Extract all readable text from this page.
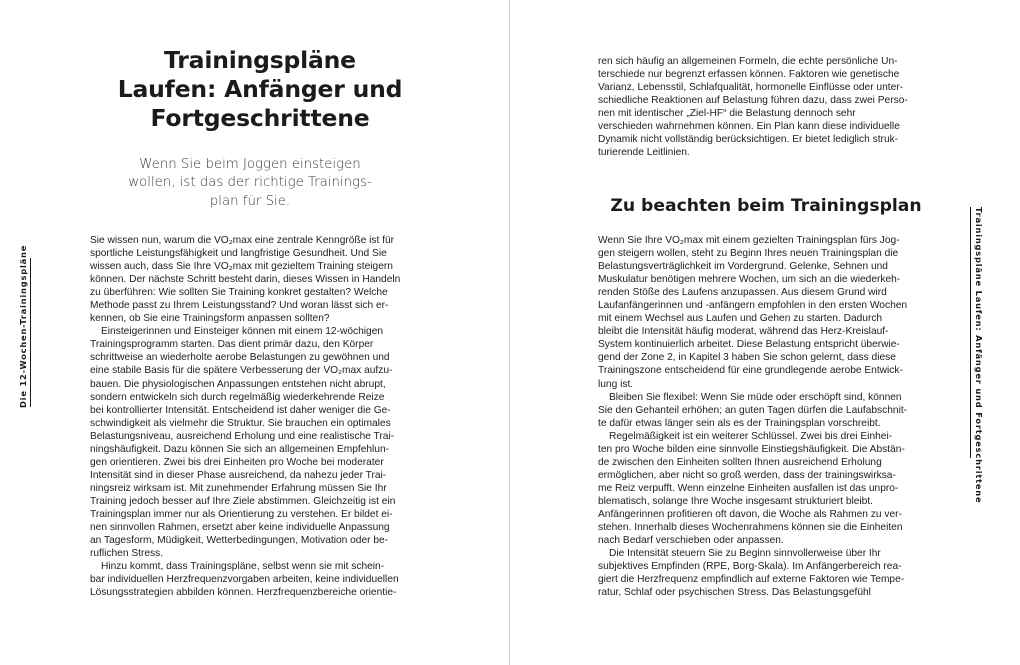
Die 12-Wochen-Trainingspläne
Trainingspläne
Laufen: Anfänger und
Fortgeschrittene
Wenn Sie beim Joggen einsteigen
wollen, ist das der richtige Trainings-
plan für Sie.
Sie wissen nun, warum die VO₂max eine zentrale Kenngröße ist für
sportliche Leistungsfähigkeit und langfristige Gesundheit. Und Sie
wissen auch, dass Sie Ihre VO₂max mit gezieltem Training steigern
können. Der nächste Schritt besteht darin, dieses Wissen in Handeln
zu überführen: Wie sollten Sie Training konkret gestalten? Welche
Methode passt zu Ihrem Leistungsstand? Und woran lässt sich er-
kennen, ob Sie eine Trainingsform anpassen sollten?
Einsteigerinnen und Einsteiger können mit einem 12-wöchigen
Trainingsprogramm starten. Das dient primär dazu, den Körper
schrittweise an wiederholte aerobe Belastungen zu gewöhnen und
eine stabile Basis für die spätere Verbesserung der VO₂max aufzu-
bauen. Die physiologischen Anpassungen entstehen nicht abrupt,
sondern entwickeln sich durch regelmäßig wiederkehrende Reize
bei kontrollierter Intensität. Entscheidend ist daher weniger die Ge-
schwindigkeit als vielmehr die Struktur. Sie brauchen ein optimales
Belastungsniveau, ausreichend Erholung und eine realistische Trai-
ningshäufigkeit. Dazu können Sie sich an allgemeinen Empfehlun-
gen orientieren. Zwei bis drei Einheiten pro Woche bei moderater
Intensität sind in dieser Phase ausreichend, da nahezu jeder Trai-
ningsreiz wirksam ist. Mit zunehmender Erfahrung müssen Sie Ihr
Training jedoch besser auf Ihre Ziele abstimmen. Gleichzeitig ist ein
Trainingsplan immer nur als Orientierung zu verstehen. Er bildet ei-
nen sinnvollen Rahmen, ersetzt aber keine individuelle Anpassung
an Tagesform, Müdigkeit, Wetterbedingungen, Motivation oder be-
ruflichen Stress.
Hinzu kommt, dass Trainingspläne, selbst wenn sie mit schein-
bar individuellen Herzfrequenzvorgaben arbeiten, keine individuellen
Lösungsstrategien abbilden können. Herzfrequenzbereiche orientie-
ren sich häufig an allgemeinen Formeln, die echte persönliche Un-
terschiede nur begrenzt erfassen können. Faktoren wie genetische
Varianz, Lebensstil, Schlafqualität, hormonelle Einflüsse oder unter-
schiedliche Reaktionen auf Belastung führen dazu, dass zwei Perso-
nen mit identischer „Ziel-HF“ die Belastung dennoch sehr
verschieden wahrnehmen können. Ein Plan kann diese individuelle
Dynamik nicht vollständig berücksichtigen. Er bietet lediglich struk-
turierende Leitlinien.
Zu beachten beim Trainingsplan
Wenn Sie Ihre VO₂max mit einem gezielten Trainingsplan fürs Jog-
gen steigern wollen, steht zu Beginn Ihres neuen Trainingsplan die
Belastungsverträglichkeit im Vordergrund. Gelenke, Sehnen und
Muskulatur benötigen mehrere Wochen, um sich an die wiederkeh-
renden Stöße des Laufens anzupassen. Aus diesem Grund wird
Laufanfängerinnen und -anfängern empfohlen in den ersten Wochen
mit einem Wechsel aus Laufen und Gehen zu starten. Dadurch
bleibt die Intensität häufig moderat, während das Herz-Kreislauf-
System kontinuierlich arbeitet. Diese Belastung entspricht überwie-
gend der Zone 2, in Kapitel 3 haben Sie schon gelernt, dass diese
Trainingszone entscheidend für eine grundlegende aerobe Entwick-
lung ist.
Bleiben Sie flexibel: Wenn Sie müde oder erschöpft sind, können
Sie den Gehanteil erhöhen; an guten Tagen dürfen die Laufabschnit-
te dafür etwas länger sein als es der Trainingsplan vorschreibt.
Regelmäßigkeit ist ein weiterer Schlüssel. Zwei bis drei Einhei-
ten pro Woche bilden eine sinnvolle Einstiegshäufigkeit. Die Abstän-
de zwischen den Einheiten sollten Ihnen ausreichend Erholung
ermöglichen, aber nicht so groß werden, dass der trainingswirksa-
me Reiz verpufft. Wenn einzelne Einheiten ausfallen ist das unpro-
blematisch, solange Ihre Woche insgesamt strukturiert bleibt.
Anfängerinnen profitieren oft davon, die Woche als Rahmen zu ver-
stehen. Innerhalb dieses Wochenrahmens können sie die Einheiten
nach Bedarf verschieben oder anpassen.
Die Intensität steuern Sie zu Beginn sinnvollerweise über Ihr
subjektives Empfinden (RPE, Borg-Skala). Im Anfängerbereich rea-
giert die Herzfrequenz empfindlich auf externe Faktoren wie Tempe-
ratur, Schlaf oder psychischen Stress. Das Belastungsgefühl
Trainingspläne Laufen: Anfänger und Fortgeschrittene
